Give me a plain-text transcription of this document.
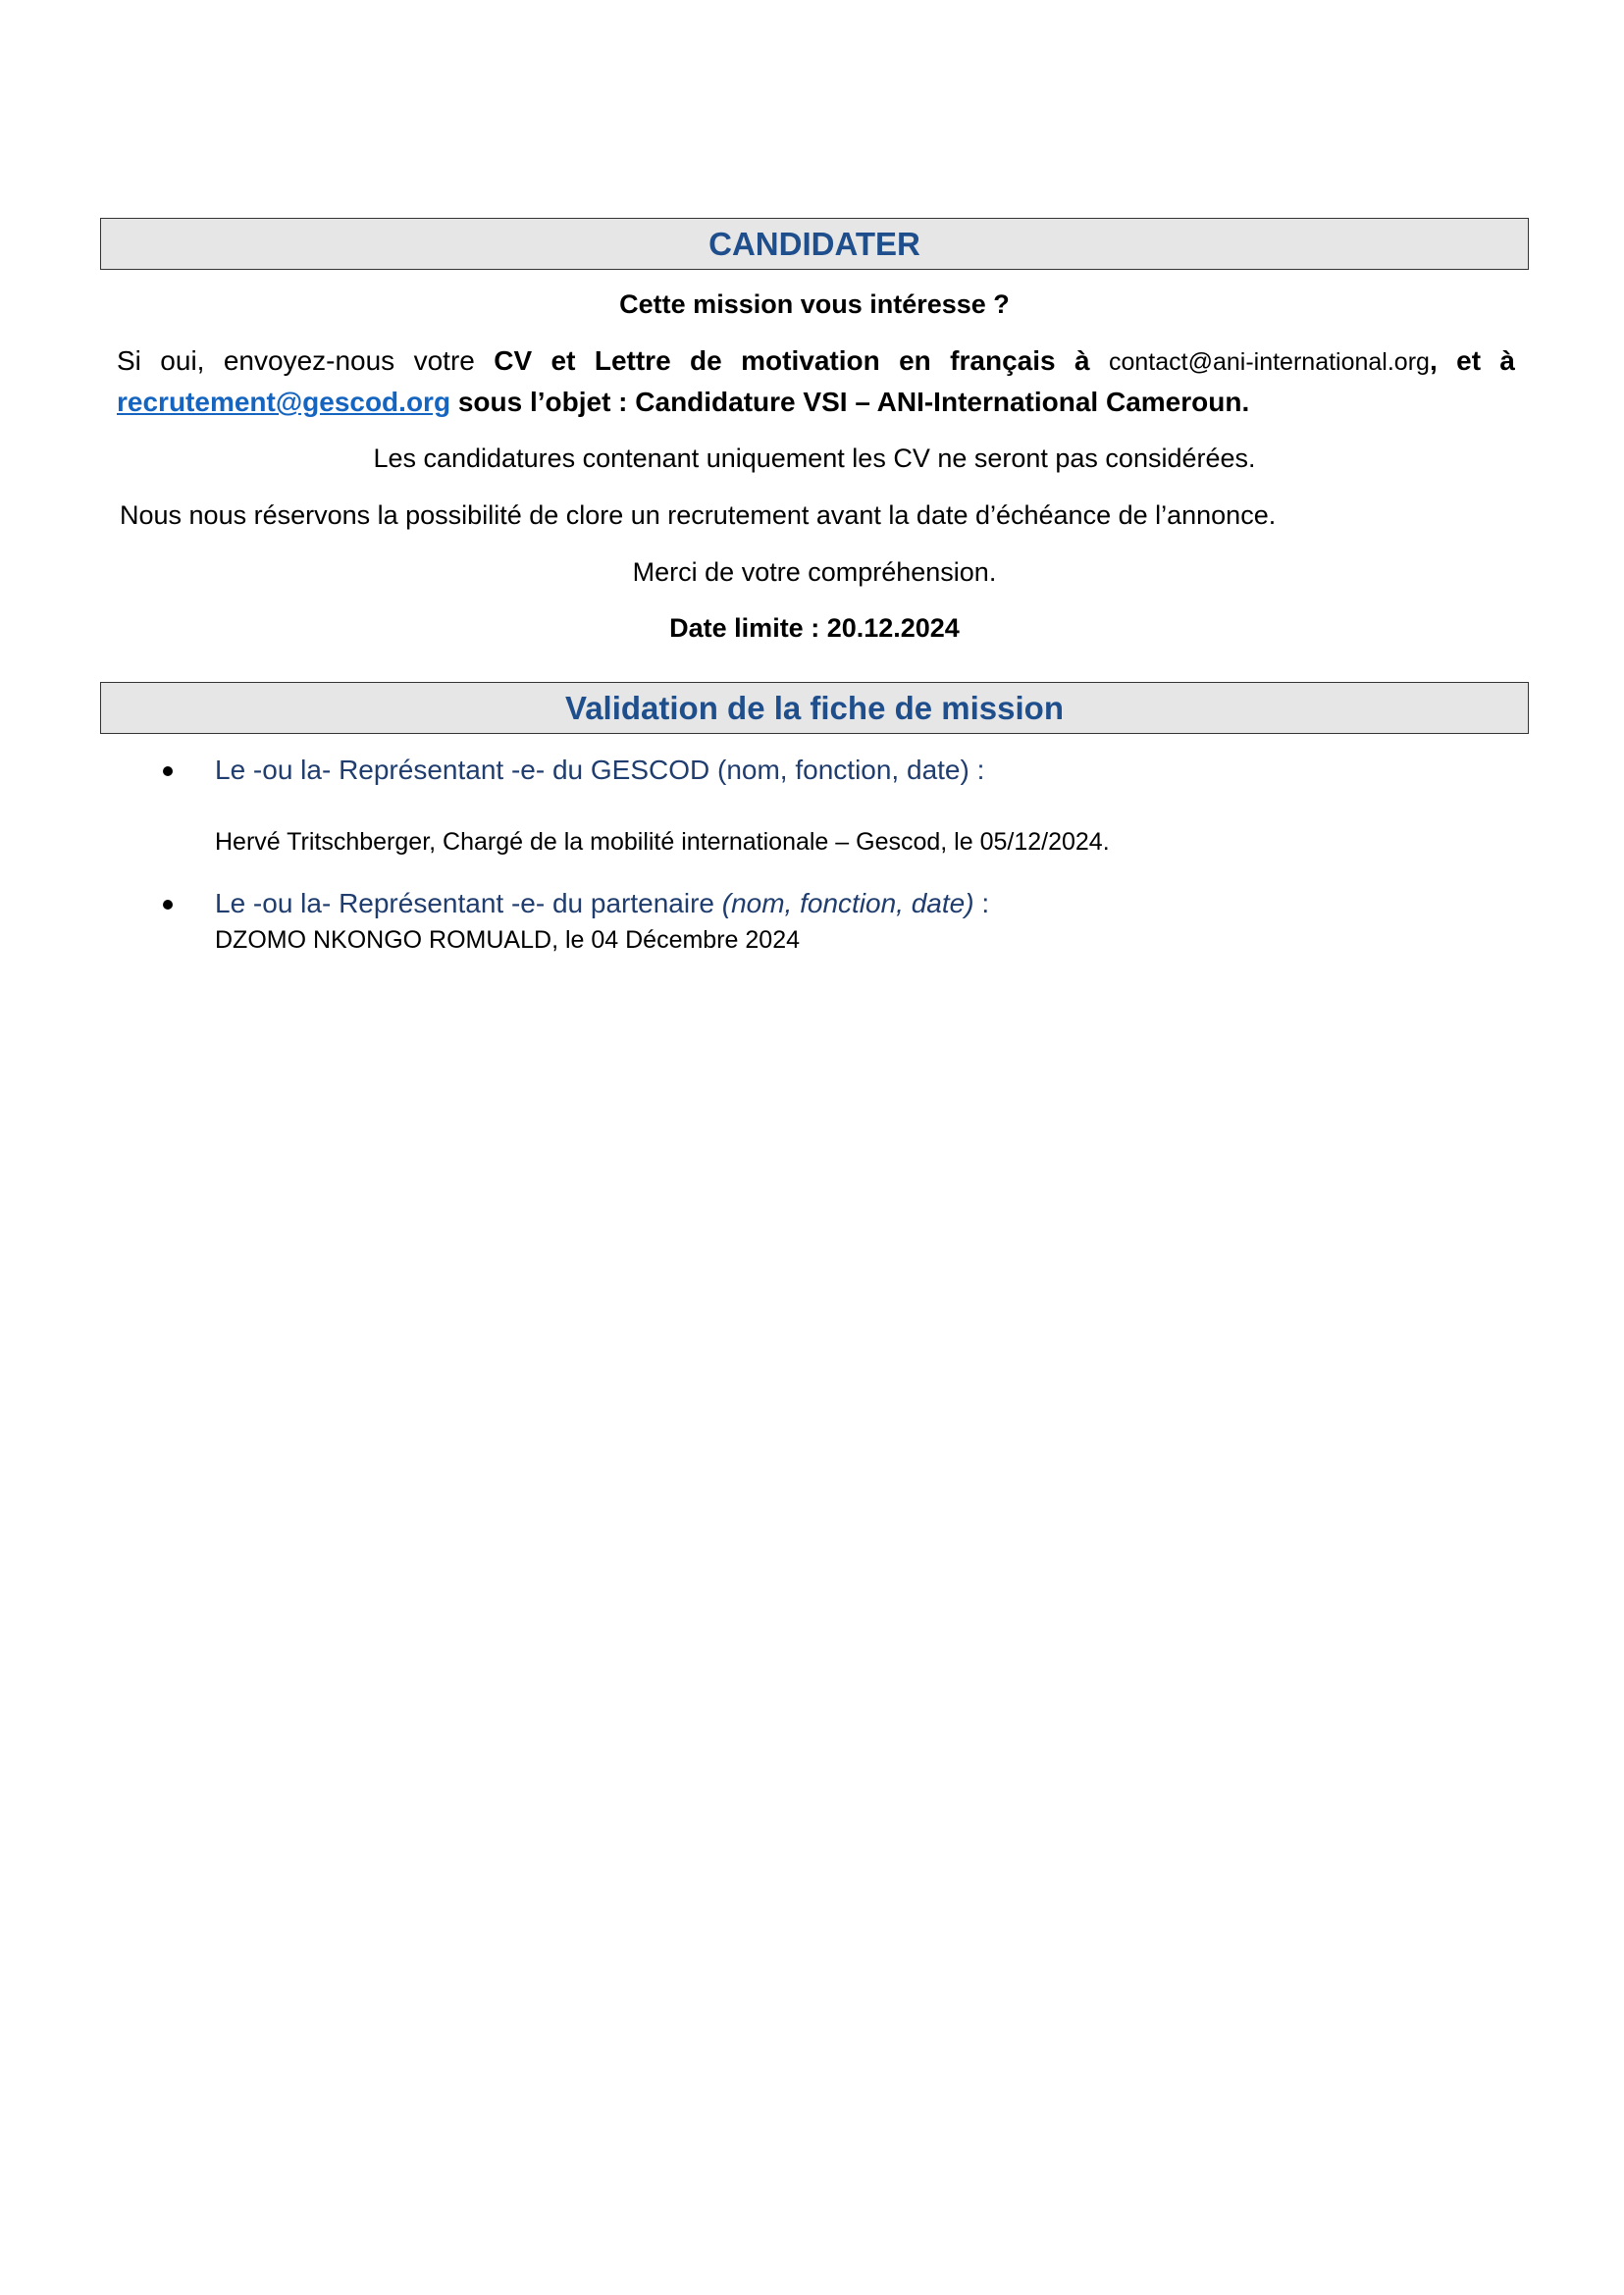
CANDIDATER
Cette mission vous intéresse ?
Si oui, envoyez-nous votre CV et Lettre de motivation en français à contact@ani-international.org, et à
recrutement@gescod.org sous l’objet : Candidature VSI – ANI-International Cameroun.
Les candidatures contenant uniquement les CV ne seront pas considérées.
Nous nous réservons la possibilité de clore un recrutement avant la date d’échéance de l’annonce.
Merci de votre compréhension.
Date limite : 20.12.2024
Validation de la fiche de mission
Le -ou la- Représentant -e- du GESCOD (nom, fonction, date) :
Hervé Tritschberger, Chargé de la mobilité internationale – Gescod, le 05/12/2024.
Le -ou la- Représentant -e- du partenaire (nom, fonction, date) :
DZOMO NKONGO ROMUALD, le 04 Décembre 2024
